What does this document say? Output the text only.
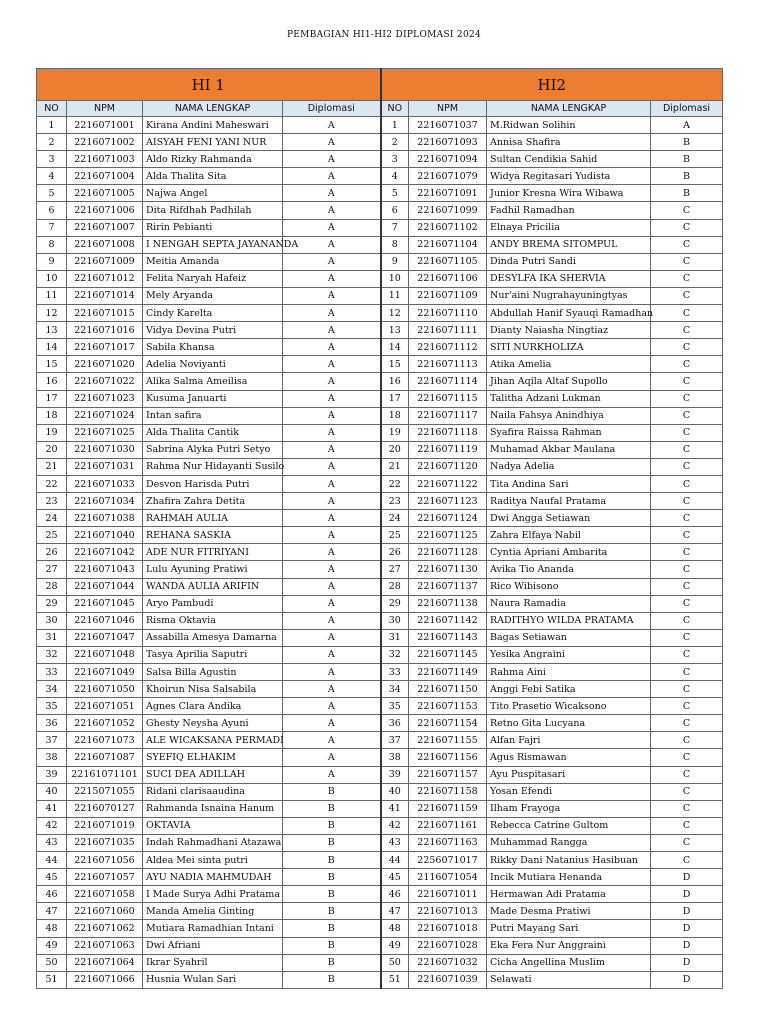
PEMBAGIAN HI1-HI2 DIPLOMASI 2024
HI 1				HI2			
NO	NPM	NAMA LENGKAP	Diplomasi	NO	NPM	NAMA LENGKAP	Diplomasi
1	2216071001	Kirana Andini Maheswari	A	1	2216071037	M.Ridwan Solihin	A
2	2216071002	AISYAH FENI YANI NUR	A	2	2216071093	Annisa Shafira	B
3	2216071003	Aldo Rizky Rahmanda	A	3	2216071094	Sultan Cendikia Sahid	B
4	2216071004	Alda Thalita Sita	A	4	2216071079	Widya Regitasari Yudista	B
5	2216071005	Najwa Angel	A	5	2216071091	Junior Kresna Wira Wibawa	B
6	2216071006	Dita Rifdhah Padhilah	A	6	2216071099	Fadhil Ramadhan	C
7	2216071007	Ririn Pebianti	A	7	2216071102	Elnaya Pricilia	C
8	2216071008	I NENGAH SEPTA JAYANANDA	A	8	2216071104	ANDY BREMA SITOMPUL	C
9	2216071009	Meitia Amanda	A	9	2216071105	Dinda Putri Sandi	C
10	2216071012	Felita Naryah Hafeiz	A	10	2216071106	DESYLFA IKA SHERVIA	C
11	2216071014	Mely Aryanda	A	11	2216071109	Nur'aini Nugrahayuningtyas	C
12	2216071015	Cindy Karelta	A	12	2216071110	Abdullah Hanif Syauqi Ramadhan	C
13	2216071016	Vidya Devina Putri	A	13	2216071111	Dianty Naiasha Ningtiaz	C
14	2216071017	Sabila Khansa	A	14	2216071112	SITI NURKHOLIZA	C
15	2216071020	Adelia Noviyanti	A	15	2216071113	Atika Amelia	C
16	2216071022	Alika Salma Ameilisa	A	16	2216071114	Jihan Aqila Altaf Supollo	C
17	2216071023	Kusuma Januarti	A	17	2216071115	Talitha Adzani Lukman	C
18	2216071024	Intan safira	A	18	2216071117	Naila Fahsya Anindhiya	C
19	2216071025	Alda Thalita Cantik	A	19	2216071118	Syafira Raissa Rahman	C
20	2216071030	Sabrina Alyka Putri Setyo	A	20	2216071119	Muhamad Akbar Maulana	C
21	2216071031	Rahma Nur Hidayanti Susilo	A	21	2216071120	Nadya Adelia	C
22	2216071033	Desvon Harisda Putri	A	22	2216071122	Tita Andina Sari	C
23	2216071034	Zhafira Zahra Detita	A	23	2216071123	Raditya Naufal Pratama	C
24	2216071038	RAHMAH AULIA	A	24	2216071124	Dwi Angga Setiawan	C
25	2216071040	REHANA SASKIA	A	25	2216071125	Zahra Elfaya Nabil	C
26	2216071042	ADE NUR FITRIYANI	A	26	2216071128	Cyntia Apriani Ambarita	C
27	2216071043	Lulu Ayuning Pratiwi	A	27	2216071130	Avika Tio Ananda	C
28	2216071044	WANDA AULIA ARIFIN	A	28	2216071137	Rico Wibisono	C
29	2216071045	Aryo Pambudi	A	29	2216071138	Naura Ramadia	C
30	2216071046	Risma Oktavia	A	30	2216071142	RADITHYO WILDA PRATAMA	C
31	2216071047	Assabilla Amesya Damarna	A	31	2216071143	Bagas Setiawan	C
32	2216071048	Tasya Aprilia Saputri	A	32	2216071145	Yesika Angraini	C
33	2216071049	Salsa Billa Agustin	A	33	2216071149	Rahma Aini	C
34	2216071050	Khoirun Nisa Salsabila	A	34	2216071150	Anggi Febi Satika	C
35	2216071051	Agnes Clara Andika	A	35	2216071153	Tito Prasetio Wicaksono	C
36	2216071052	Ghesty Neysha Ayuni	A	36	2216071154	Retno Gita Lucyana	C
37	2216071073	ALE WICAKSANA PERMADI	A	37	2216071155	Alfan Fajri	C
38	2216071087	SYEFIQ ELHAKIM	A	38	2216071156	Agus Rismawan	C
39	22161071101	SUCI DEA ADILLAH	A	39	2216071157	Ayu Puspitasari	C
40	2215071055	Ridani clarisaaudina	B	40	2216071158	Yosan Efendi	C
41	2216070127	Rahmanda Isnaina Hanum	B	41	2216071159	Ilham Frayoga	C
42	2216071019	OKTAVIA	B	42	2216071161	Rebecca Catrine Gultom	C
43	2216071035	Indah Rahmadhani Atazawa	B	43	2216071163	Muhammad Rangga	C
44	2216071056	Aldea Mei sinta putri	B	44	2256071017	Rikky Dani Natanius Hasibuan	C
45	2216071057	AYU NADIA MAHMUDAH	B	45	2116071054	Incik Mutiara Henanda	D
46	2216071058	I Made Surya Adhi Pratama	B	46	2216071011	Hermawan Adi Pratama	D
47	2216071060	Manda Amelia Ginting	B	47	2216071013	Made Desma Pratiwi	D
48	2216071062	Mutiara Ramadhian Intani	B	48	2216071018	Putri Mayang Sari	D
49	2216071063	Dwi Afriani	B	49	2216071028	Eka Fera Nur Anggraini	D
50	2216071064	Ikrar Syahril	B	50	2216071032	Cicha Angellina Muslim	D
51	2216071066	Husnia Wulan Sari	B	51	2216071039	Selawati	D
